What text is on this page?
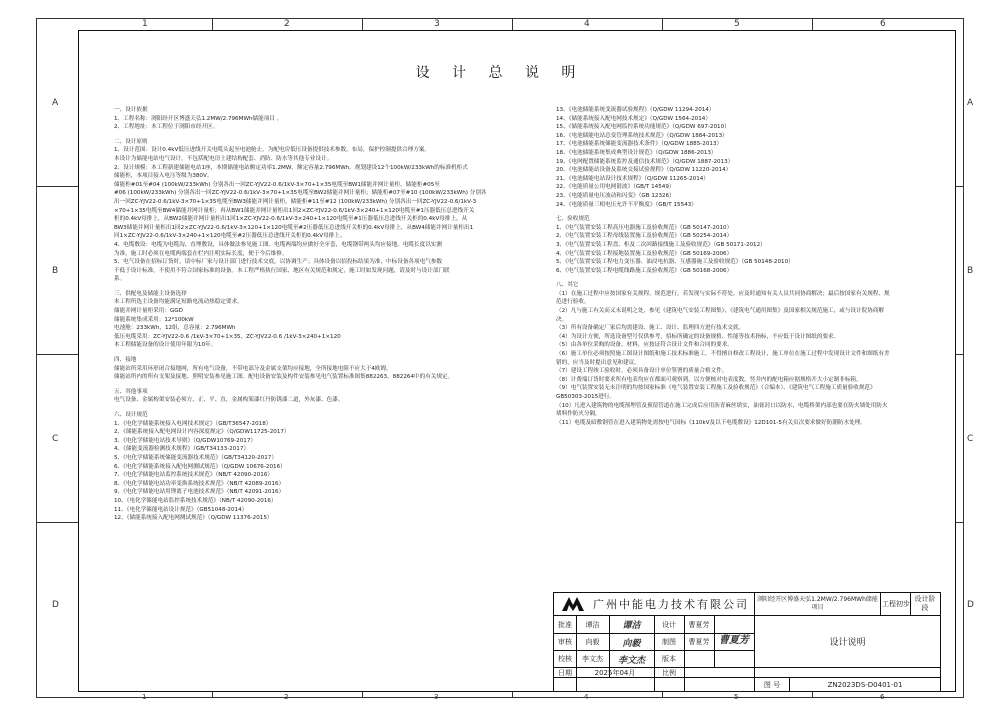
1	2	3	4	5	6
1	2	3	4	5	6
A
B
C
D
A
B
C
D
设 计 总 说 明
一、设计依据
1、工程名称：浏阳经开区博盛天弘1.2MW/2.796MWh储能项目 。
2、工程地址：本工程位于浏阳市经开区。
二、设计原则
1、设计范围：设计0.4kV低压进线开关电缆头起至电池舱止，为配电房低压设备提供技术参数，布局，保护控制提供合理方案。
本设计为储能电站电气设计，不包括配电房土建结构配套、消防、防水等其他专业设计。
2、设计规模：本工程新建储能电站1座，本期储能电站额定功率1.2MW，额定容量2.796MWh。规划建设12个100kW/233kWh的标准机柜式
储能柜，本项目接入电压等级为380V。
储能柜#01至#04 (100kW/233kWh) 分别各出一回ZC-YJV22-0.6/1kV-3×70+1×35电缆至BW1储能并网计量柜，储能柜#05至
#06 (100kW/233kWh) 分别各出一回ZC-YJV22-0.6/1kV-3×70+1×35电缆至BW2储能并网计量柜；储能柜#07至#10 (100kW/233kWh) 分别各
出一回ZC-YJV22-0.6/1kV-3×70+1×35电缆至BW3储能并网计量柜，储能柜#11至#12 (100kW/233kWh) 分别各出一回ZC-YJV22-0.6/1kV-3
×70+1×35电缆至BW4储能并网计量柜；再从BW1储能并网计量柜出1回2×ZC-YJV22-0.6/1kV-3×240+1×120电缆至#1压器低压总进线开关
柜的0.4kV母排上，从BW2储能并网计量柜出1回1×ZC-YJV22-0.6/1kV-3×240+1×120电缆至#1压器低压总进线开关柜的0.4kV母排上，从
BW3储能并网计量柜出1回2×ZC-YJV22-0.6/1kV-3×120+1×120电缆至#2压器低压总进线开关柜的0.4kV母排上，从BW4储能并网计量柜出1
回1×ZC-YJV22-0.6/1kV-3×240+1×120电缆至#2压器低压总进线开关柜的0.4kV母排上。
4、电缆敷设：电缆为电缆沟、直埋敷设，具体做法参见施工图。电缆两端均应做好全牙套，电缆钢带两头均应接地。电缆长度以实测
为准，施工时必须在电缆两端套在栏内注明实际长度，便于今后维修。
5、电气设备在招标订货时，请中标厂家与设计部门进行技术交底，以协调生产；具体设备以招投标结果为准，中标设备各项电气参数
不低于设计标准，不使用不符合国家标准的设备。本工程严格执行国家、地区有关规范和规定，施工时如发现问题，请及时与设计部门联
系。
三、供配电及储能主设备选择
本工程所选主设备均能满足短路电流动热稳定要求。
储能并网计量柜采用：GGD
储能系统集成采用：12*100kW
电池舱：233kWh，12组，总容量：2.796MWh
低压电缆采用：ZC-YJV22-0.6 /1kV-3×70+1×35、ZC-YJV22-0.6 /1kV-3×240+1×120
本工程储能设备的设计使用年限为10年。
四、接地
储能站所采用环形闭合接地网，所有电气设备，不带电部分及金属支架均应接地，全所接地电阻不应大于4欧姆。
储能站所内的所有支架及接地、照明安装参见施工图。配电设备安装及构件安装参见电气装置标准图集882263，882264中的有关规定。
五、其他事项
电气设备、金属构架安装必须方、正、平、直，金属构架漆红丹防锈漆二道，外灰漆、色漆。
六、设计规范
1、《电化学储能系统接入电网技术规定》（GB/T36547-2018）
2、《储能系统接入配电网设计内容深度规定》（Q/GDW11725-2017）
3、《电化学储能电站技术导则》（Q/GDW10769-2017）
4、《储能变流器检测技术规程》（GB/T34133-2017）
5、《电化学储能系统储能变流器技术规范》（GB/T34120-2017）
6、《电化学储能系统接入配电网测试规范》（Q/GDW 10676-2016）
7、《电化学储能电站监控系统技术规范》（NB/T 42090-2016）
8、《电化学储能电站功率变换系统技术规范》（NB/T 42089-2016）
9、《电化学储能电站用锂离子电池技术规范》（NB/T 42091-2016）
10、《电化学储能电站监控系统技术规范》（NB/T 42090-2016）
11、《电化学储能电站设计规范》（GB51048-2014）
12、《储能系统接入配电网测试规范》（Q/GDW 11376-2015）
13、《电池储能系统变流器试验规程》（Q/GDW 11294-2014）
14、《储能系统接入配电网技术规定》（Q/GDW 1564-2014）
15、《储能系统接入配电网监控系统功能规范》（Q/GDW 697-2010）
16、《电池储能电站总变管理系统技术规范》（Q/GDW 1884-2013）
17、《电池储能系统储能变流器技术条件》（Q/GDW 1885-2013）
18、《电池储能系统集成典型设计规范》（Q/GDW 1886-2013）
19、《电网配置储能系统监控及通信技术规范》（Q/GDW 1887-2013）
20、《电池储能站设备及系统交接试验规程》（Q/GDW 11220-2014）
21、《电池储能电站设计技术规程》（Q/GDW 11265-2014）
22、《电能质量公用电网谐波》（GB/T 14549）
23、《电能质量电压波动和闪变》（GB 12326）
24、《电能质量三相电压允许不平衡度》（GB/T 15543）
七、验收规范
1、《电气装置安装工程高压电器施工及验收规范》（GB 50147-2010）
2、《电气装置安装工程母线装置施工及验收规范》（GB 50254-2014）
3、《电气装置安装工程盘、柜及二次回路接线施工及验收规范》（GB 50171-2012）
4、《电气装置安装工程接地装置施工及验收规范》（GB 50169-2006）
5、《电气装置安装工程电力变压器、油浸电抗器、互感器施工及验收规范》（GB 50148-2010）
6、《电气装置安装工程电缆线路施工及验收规范》（GB 50168-2006）
八、其它
（1）在施工过程中应按国家有关规程、规范进行，若发现与实际不符处，应及时通知有关人员共同协商解决；最后按国家有关规程、规
范进行验收。
（2）凡与施工有关而又未说明之处，参见《建筑电气安装工程图集》，《建筑电气通用图集》及国家相关规范施工，或与设计院协商解
决。
（3）所有设备确定厂家后均需建设、施工、设计、监理四方进行技术交底。
（4）为设计方便，所选设备型号仅供参考，招标所确定的设备规格、性能等技术指标，不应低于设计图纸的要求。
（5）由各单位采购的设备、材料，应按证符合设计文件和合同的要求。
（6）施工单位必须按照施工图设计图纸和施工技术标准施工，不得擅自修改工程设计，施工单位在施工过程中发现设计文件和图纸有差
错的，应当及时提出意见和建议。
（7）建设工程竣工验收时，必须具备设计单位签署的质量合格文件。
（8）计费端订货时要求所有电表均应在都面可观察到，以方便核对电表度数，竖井内的配电箱应据规格开大小定制非标箱。
（9）电气装置安装无未注明的均按国家标准《电气装置安装工程施工及验收规范》（合编本）、《建筑电气工程施工质量验收规范》
GB50303-2015进行。
（10）凡进入建筑物的电缆预埋管及预留管道在施工完成后应用沥青麻丝填实，油膏封口以防水，电缆桥架内部也要在防火墙处用防火
堵料作防火分隔。
（11）电缆及暗敷钢管在进入建筑物处需按电气国标《110kV及以下电缆敷设》12D101-5有关页次要求做好防潮防水处理。
广州中能电力技术有限公司	浏阳经开区博盛天弘1.2MW/2.796MWh储能项目	工程 初步
设计阶段
批准	谭洁	谭洁	设计	曹夏芳
审核	向毅	向毅	制图	曹夏芳 曹夏芳
校核	李文杰	李文杰	版本
日期	2025年04月	比例
设计说明
图 号	ZN2023DS-D0401-01
